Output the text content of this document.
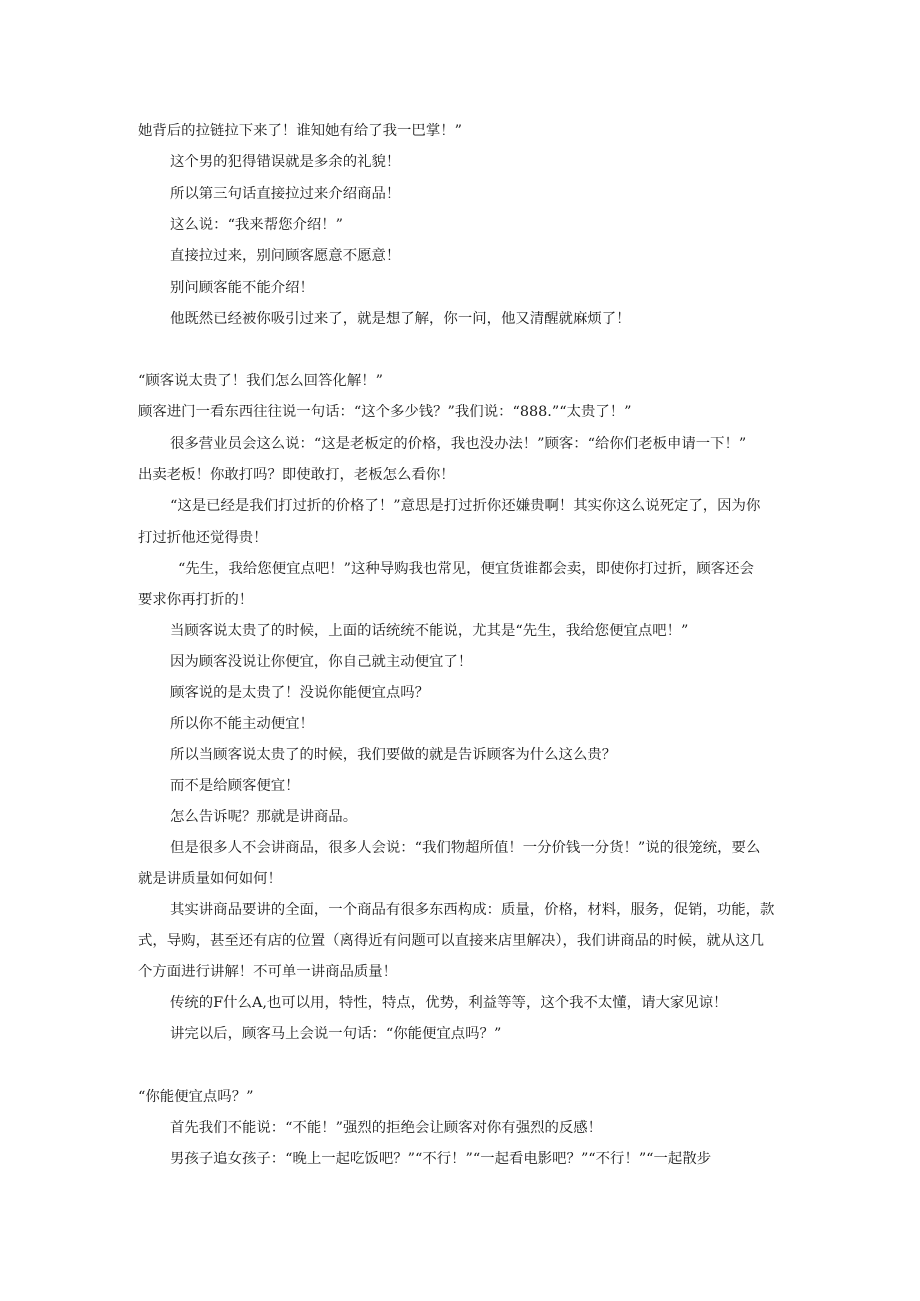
她背后的拉链拉下来了！谁知她有给了我一巴掌！”

这个男的犯得错误就是多余的礼貌！

所以第三句话直接拉过来介绍商品！

这么说：“我来帮您介绍！”

直接拉过来，别问顾客愿意不愿意！

别问顾客能不能介绍！

他既然已经被你吸引过来了，就是想了解，你一问，他又清醒就麻烦了！

“顾客说太贵了！我们怎么回答化解！”

顾客进门一看东西往往说一句话：“这个多少钱？”我们说：“888.”“太贵了！”

很多营业员会这么说：“这是老板定的价格，我也没办法！”顾客：“给你们老板申请一下！”

出卖老板！你敢打吗？即使敢打，老板怎么看你！

“这是已经是我们打过折的价格了！”意思是打过折你还嫌贵啊！其实你这么说死定了，因为你

打过折他还觉得贵！

“先生，我给您便宜点吧！”这种导购我也常见，便宜货谁都会卖，即使你打过折，顾客还会

要求你再打折的！

当顾客说太贵了的时候，上面的话统统不能说，尤其是“先生，我给您便宜点吧！”

因为顾客没说让你便宜，你自己就主动便宜了！

顾客说的是太贵了！没说你能便宜点吗？

所以你不能主动便宜！

所以当顾客说太贵了的时候，我们要做的就是告诉顾客为什么这么贵？

而不是给顾客便宜！

怎么告诉呢？那就是讲商品。

但是很多人不会讲商品，很多人会说：“我们物超所值！一分价钱一分货！”说的很笼统，要么

就是讲质量如何如何！

其实讲商品要讲的全面，一个商品有很多东西构成：质量，价格，材料，服务，促销，功能，款

式，导购，甚至还有店的位置（离得近有问题可以直接来店里解决），我们讲商品的时候，就从这几

个方面进行讲解！不可单一讲商品质量！

传统的F什么A,也可以用，特性，特点，优势，利益等等，这个我不太懂，请大家见谅！

讲完以后，顾客马上会说一句话：“你能便宜点吗？”

“你能便宜点吗？”

首先我们不能说：“不能！”强烈的拒绝会让顾客对你有强烈的反感！

男孩子追女孩子：“晚上一起吃饭吧？”“不行！”“一起看电影吧？”“不行！”“一起散步
